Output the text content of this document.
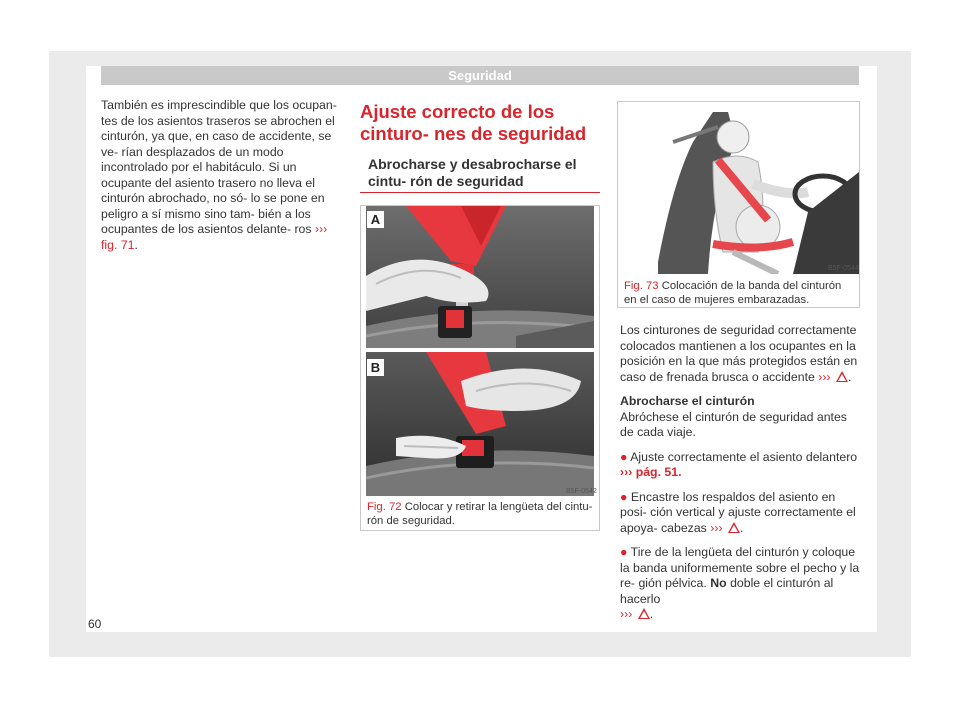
Seguridad
También es imprescindible que los ocupan- tes de los asientos traseros se abrochen el cinturón, ya que, en caso de accidente, se ve- rían desplazados de un modo incontrolado por el habitáculo. Si un ocupante del asiento trasero no lleva el cinturón abrochado, no só- lo se pone en peligro a sí mismo sino tam- bién a los ocupantes de los asientos delante- ros ››› fig. 71.
Ajuste correcto de los cinturo- nes de seguridad
Abrocharse y desabrocharse el cintu- rón de seguridad
A
B
B5F-0542
Fig. 72 Colocar y retirar la lengüeta del cintu- rón de seguridad.
B5F-0544
Fig. 73 Colocación de la banda del cinturón en el caso de mujeres embarazadas.

Los cinturones de seguridad correctamente colocados mantienen a los ocupantes en la posición en la que más protegidos están en caso de frenada brusca o accidente ››› .

Abrocharse el cinturón

Abróchese el cinturón de seguridad antes de cada viaje.

● Ajuste correctamente el asiento delantero
››› pág. 51.

● Encastre los respaldos del asiento en posi- ción vertical y ajuste correctamente el apoya- cabezas ››› .

● Tire de la lengüeta del cinturón y coloque la banda uniformemente sobre el pecho y la re- gión pélvica. No doble el cinturón al hacerlo
››› .

60
